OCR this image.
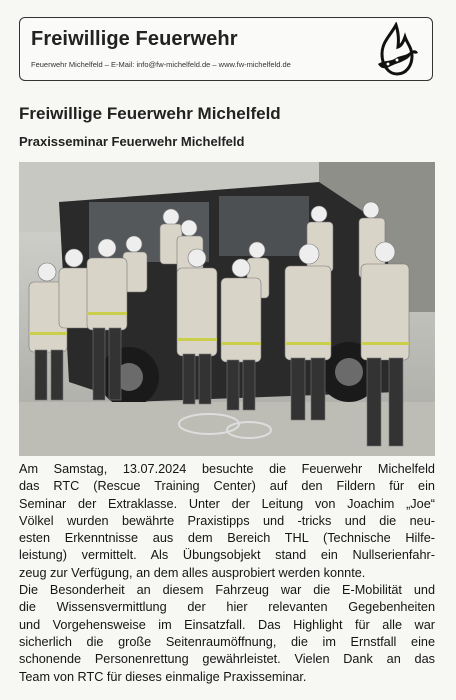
Freiwillige Feuerwehr
Feuerwehr Michelfeld – E-Mail: info@fw-michelfeld.de – www.fw-michelfeld.de
Freiwillige Feuerwehr Michelfeld
Praxisseminar Feuerwehr Michelfeld
Am Samstag, 13.07.2024 besuchte die Feuerwehr Michelfeld
das RTC (Rescue Training Center) auf den Fildern für ein
Seminar der Extraklasse. Unter der Leitung von Joachim „Joe“
Völkel wurden bewährte Praxistipps und -tricks und die neu-
esten Erkenntnisse aus dem Bereich THL (Technische Hilfe-
leistung) vermittelt. Als Übungsobjekt stand ein Nullserienfahr-
zeug zur Verfügung, an dem alles ausprobiert werden konnte.
Die Besonderheit an diesem Fahrzeug war die E-Mobilität und
die Wissensvermittlung der hier relevanten Gegebenheiten
und Vorgehensweise im Einsatzfall. Das Highlight für alle war
sicherlich die große Seitenraumöffnung, die im Ernstfall eine
schonende Personenrettung gewährleistet. Vielen Dank an das
Team von RTC für dieses einmalige Praxisseminar.
